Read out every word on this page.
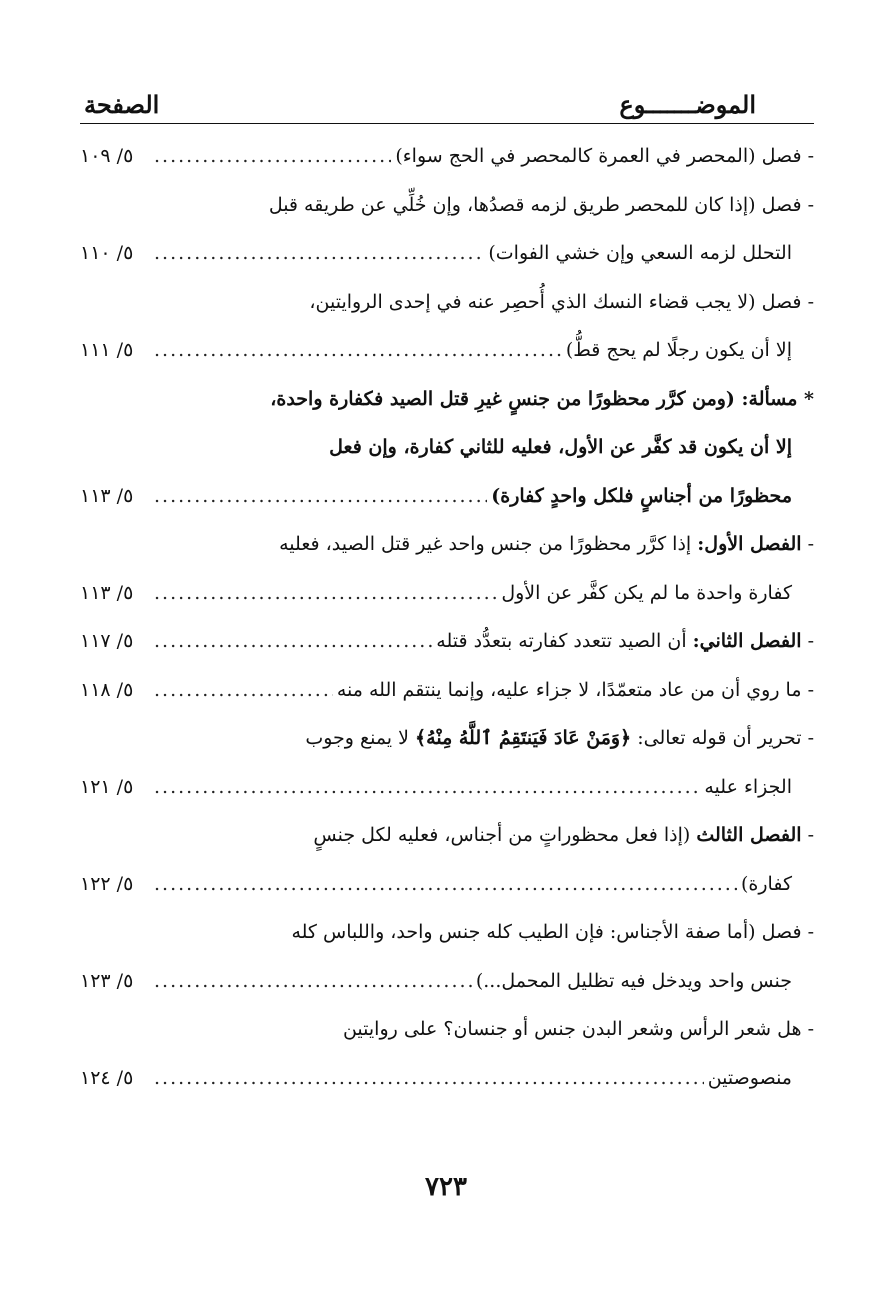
الموضـــــــوع
الصفحة
- فصل (المحصر في العمرة كالمحصر في الحج سواء)
.....
٥/ ١٠٩
- فصل (إذا كان للمحصر طريق لزمه قصدُها، وإن خُلِّي عن طريقه قبل
التحلل لزمه السعي وإن خشي الفوات)
.....
٥/ ١١٠
- فصل (لا يجب قضاء النسك الذي أُحصِر عنه في إحدى الروايتين،
إلا أن يكون رجلًا لم يحج قطُّ)
.....
٥/ ١١١
* مسألة: (ومن كرَّر محظورًا من جنسٍ غيرِ قتل الصيد فكفارة واحدة،
إلا أن يكون قد كفَّر عن الأول، فعليه للثاني كفارة، وإن فعل
محظورًا من أجناسٍ فلكل واحدٍ كفارة)
.....
٥/ ١١٣
- الفصل الأول: إذا كرَّر محظورًا من جنس واحد غير قتل الصيد، فعليه
كفارة واحدة ما لم يكن كفَّر عن الأول
.....
٥/ ١١٣
- الفصل الثاني: أن الصيد تتعدد كفارته بتعدُّد قتله
.....
٥/ ١١٧
- ما روي أن من عاد متعمّدًا، لا جزاء عليه، وإنما ينتقم الله منه
.....
٥/ ١١٨
- تحرير أن قوله تعالى: ﴿وَمَنْ عَادَ فَيَنتَقِمُ ٱللَّهُ مِنْهُ﴾ لا يمنع وجوب
الجزاء عليه
.....
٥/ ١٢١
- الفصل الثالث (إذا فعل محظوراتٍ من أجناس، فعليه لكل جنسٍ
كفارة)
.....
٥/ ١٢٢
- فصل (أما صفة الأجناس: فإن الطيب كله جنس واحد، واللباس كله
جنس واحد ويدخل فيه تظليل المحمل...)
.....
٥/ ١٢٣
- هل شعر الرأس وشعر البدن جنس أو جنسان؟ على روايتين
منصوصتين
.....
٥/ ١٢٤
٧٢٣
